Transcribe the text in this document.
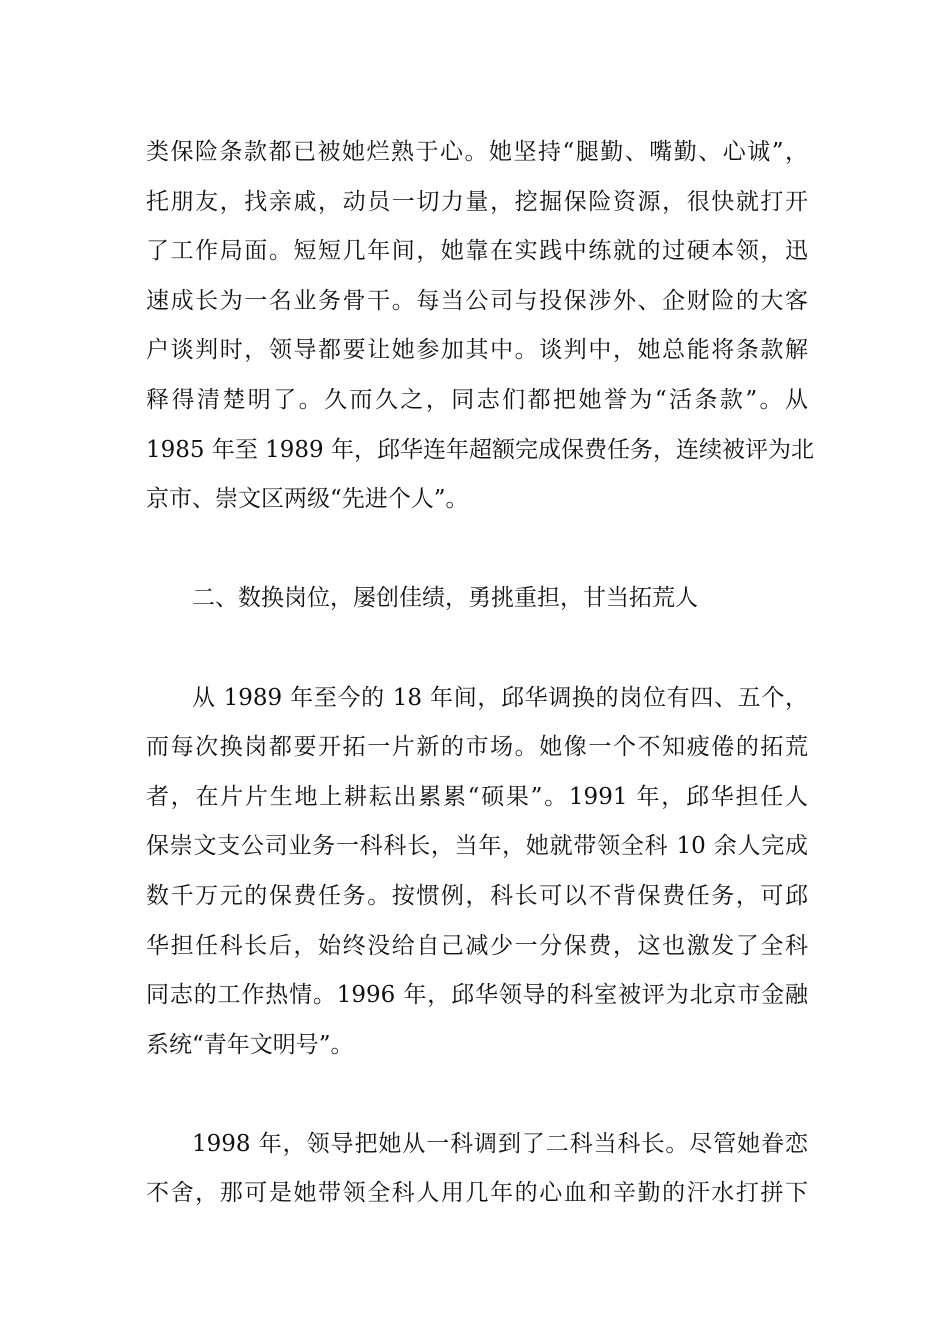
类保险条款都已被她烂熟于心。她坚持“腿勤、嘴勤、心诚”，
托朋友，找亲戚，动员一切力量，挖掘保险资源，很快就打开
了工作局面。短短几年间，她靠在实践中练就的过硬本领，迅
速成长为一名业务骨干。每当公司与投保涉外、企财险的大客
户谈判时，领导都要让她参加其中。谈判中，她总能将条款解
释得清楚明了。久而久之，同志们都把她誉为“活条款”。从
1985 年至 1989 年，邱华连年超额完成保费任务，连续被评为北
京市、崇文区两级“先进个人”。
二、数换岗位，屡创佳绩，勇挑重担，甘当拓荒人
从 1989 年至今的 18 年间，邱华调换的岗位有四、五个，
而每次换岗都要开拓一片新的市场。她像一个不知疲倦的拓荒
者，在片片生地上耕耘出累累“硕果”。1991 年，邱华担任人
保崇文支公司业务一科科长，当年，她就带领全科 10 余人完成
数千万元的保费任务。按惯例，科长可以不背保费任务，可邱
华担任科长后，始终没给自己减少一分保费，这也激发了全科
同志的工作热情。1996 年，邱华领导的科室被评为北京市金融
系统“青年文明号”。
1998 年，领导把她从一科调到了二科当科长。尽管她眷恋
不舍，那可是她带领全科人用几年的心血和辛勤的汗水打拼下
